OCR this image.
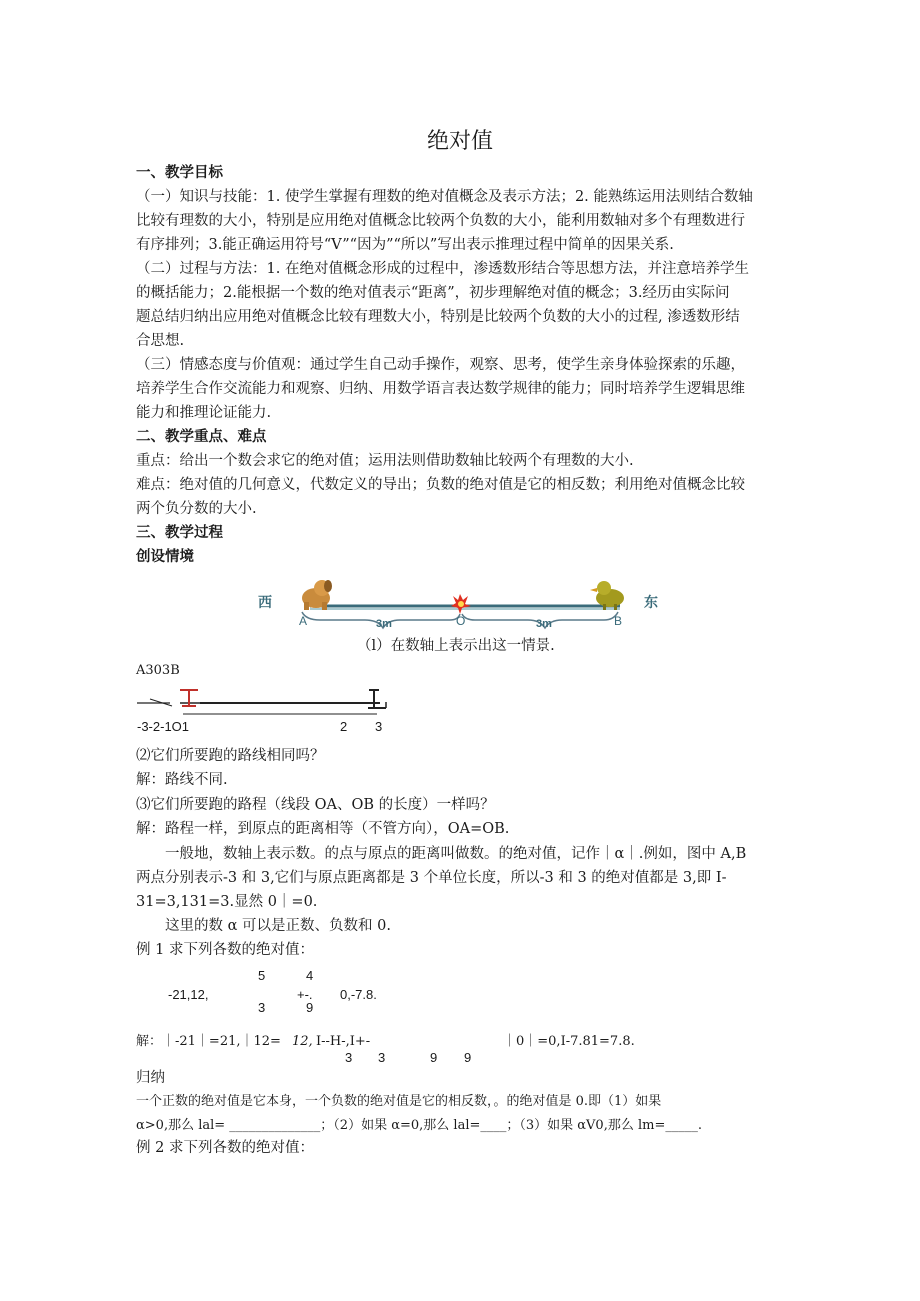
绝对值
一、教学目标
（一）知识与技能：1. 使学生掌握有理数的绝对值概念及表示方法；2. 能熟练运用法则结合数轴
比较有理数的大小，特别是应用绝对值概念比较两个负数的大小，能利用数轴对多个有理数进行
有序排列；3.能正确运用符号“V”“因为”“所以”写出表示推理过程中简单的因果关系.
（二）过程与方法：1. 在绝对值概念形成的过程中，渗透数形结合等思想方法，并注意培养学生
的概括能力；2.能根据一个数的绝对值表示“距离”，初步理解绝对值的概念；3.经历由实际问
题总结归纳出应用绝对值概念比较有理数大小，特别是比较两个负数的大小的过程, 渗透数形结
合思想.
（三）情感态度与价值观：通过学生自己动手操作，观察、思考，使学生亲身体验探索的乐趣，
培养学生合作交流能力和观察、归纳、用数学语言表达数学规律的能力；同时培养学生逻辑思维
能力和推理论证能力.
二、教学重点、难点
重点：给出一个数会求它的绝对值；运用法则借助数轴比较两个有理数的大小.
难点：绝对值的几何意义，代数定义的导出；负数的绝对值是它的相反数；利用绝对值概念比较
两个负分数的大小.
三、教学过程
创设情境
西	东
A	O	B
3m	3m
（l）在数轴上表示出这一情景.
A303B
-3-2-1O1	2 3
⑵它们所要跑的路线相同吗？
解：路线不同.
⑶它们所要跑的路程（线段 OA、OB 的长度）一样吗？
解：路程一样，到原点的距离相等（不管方向），OA=OB.
一般地，数轴上表示数。的点与原点的距离叫做数。的绝对值，记作｜α｜.例如，图中 A,B
两点分别表示-3 和 3,它们与原点距离都是 3 个单位长度，所以-3 和 3 的绝对值都是 3,即 I-
31=3,131=3.显然 0｜=0.
这里的数 α 可以是正数、负数和 0.
例 1 求下列各数的绝对值：
5	4
-21,12,	+-. 0,-7.8.
3	9
解：｜-21｜=21,｜12= 12, I--H-,I+-	｜0｜=0,I-7.81=7.8.
3 3	9 9
归纳
一个正数的绝对值是它本身，一个负数的绝对值是它的相反数，。的绝对值是 0.即（1）如果
α>0,那么 lal= ______________；（2）如果 α=0,那么 lal=____；（3）如果 αV0,那么 lm=_____.
例 2 求下列各数的绝对值：
